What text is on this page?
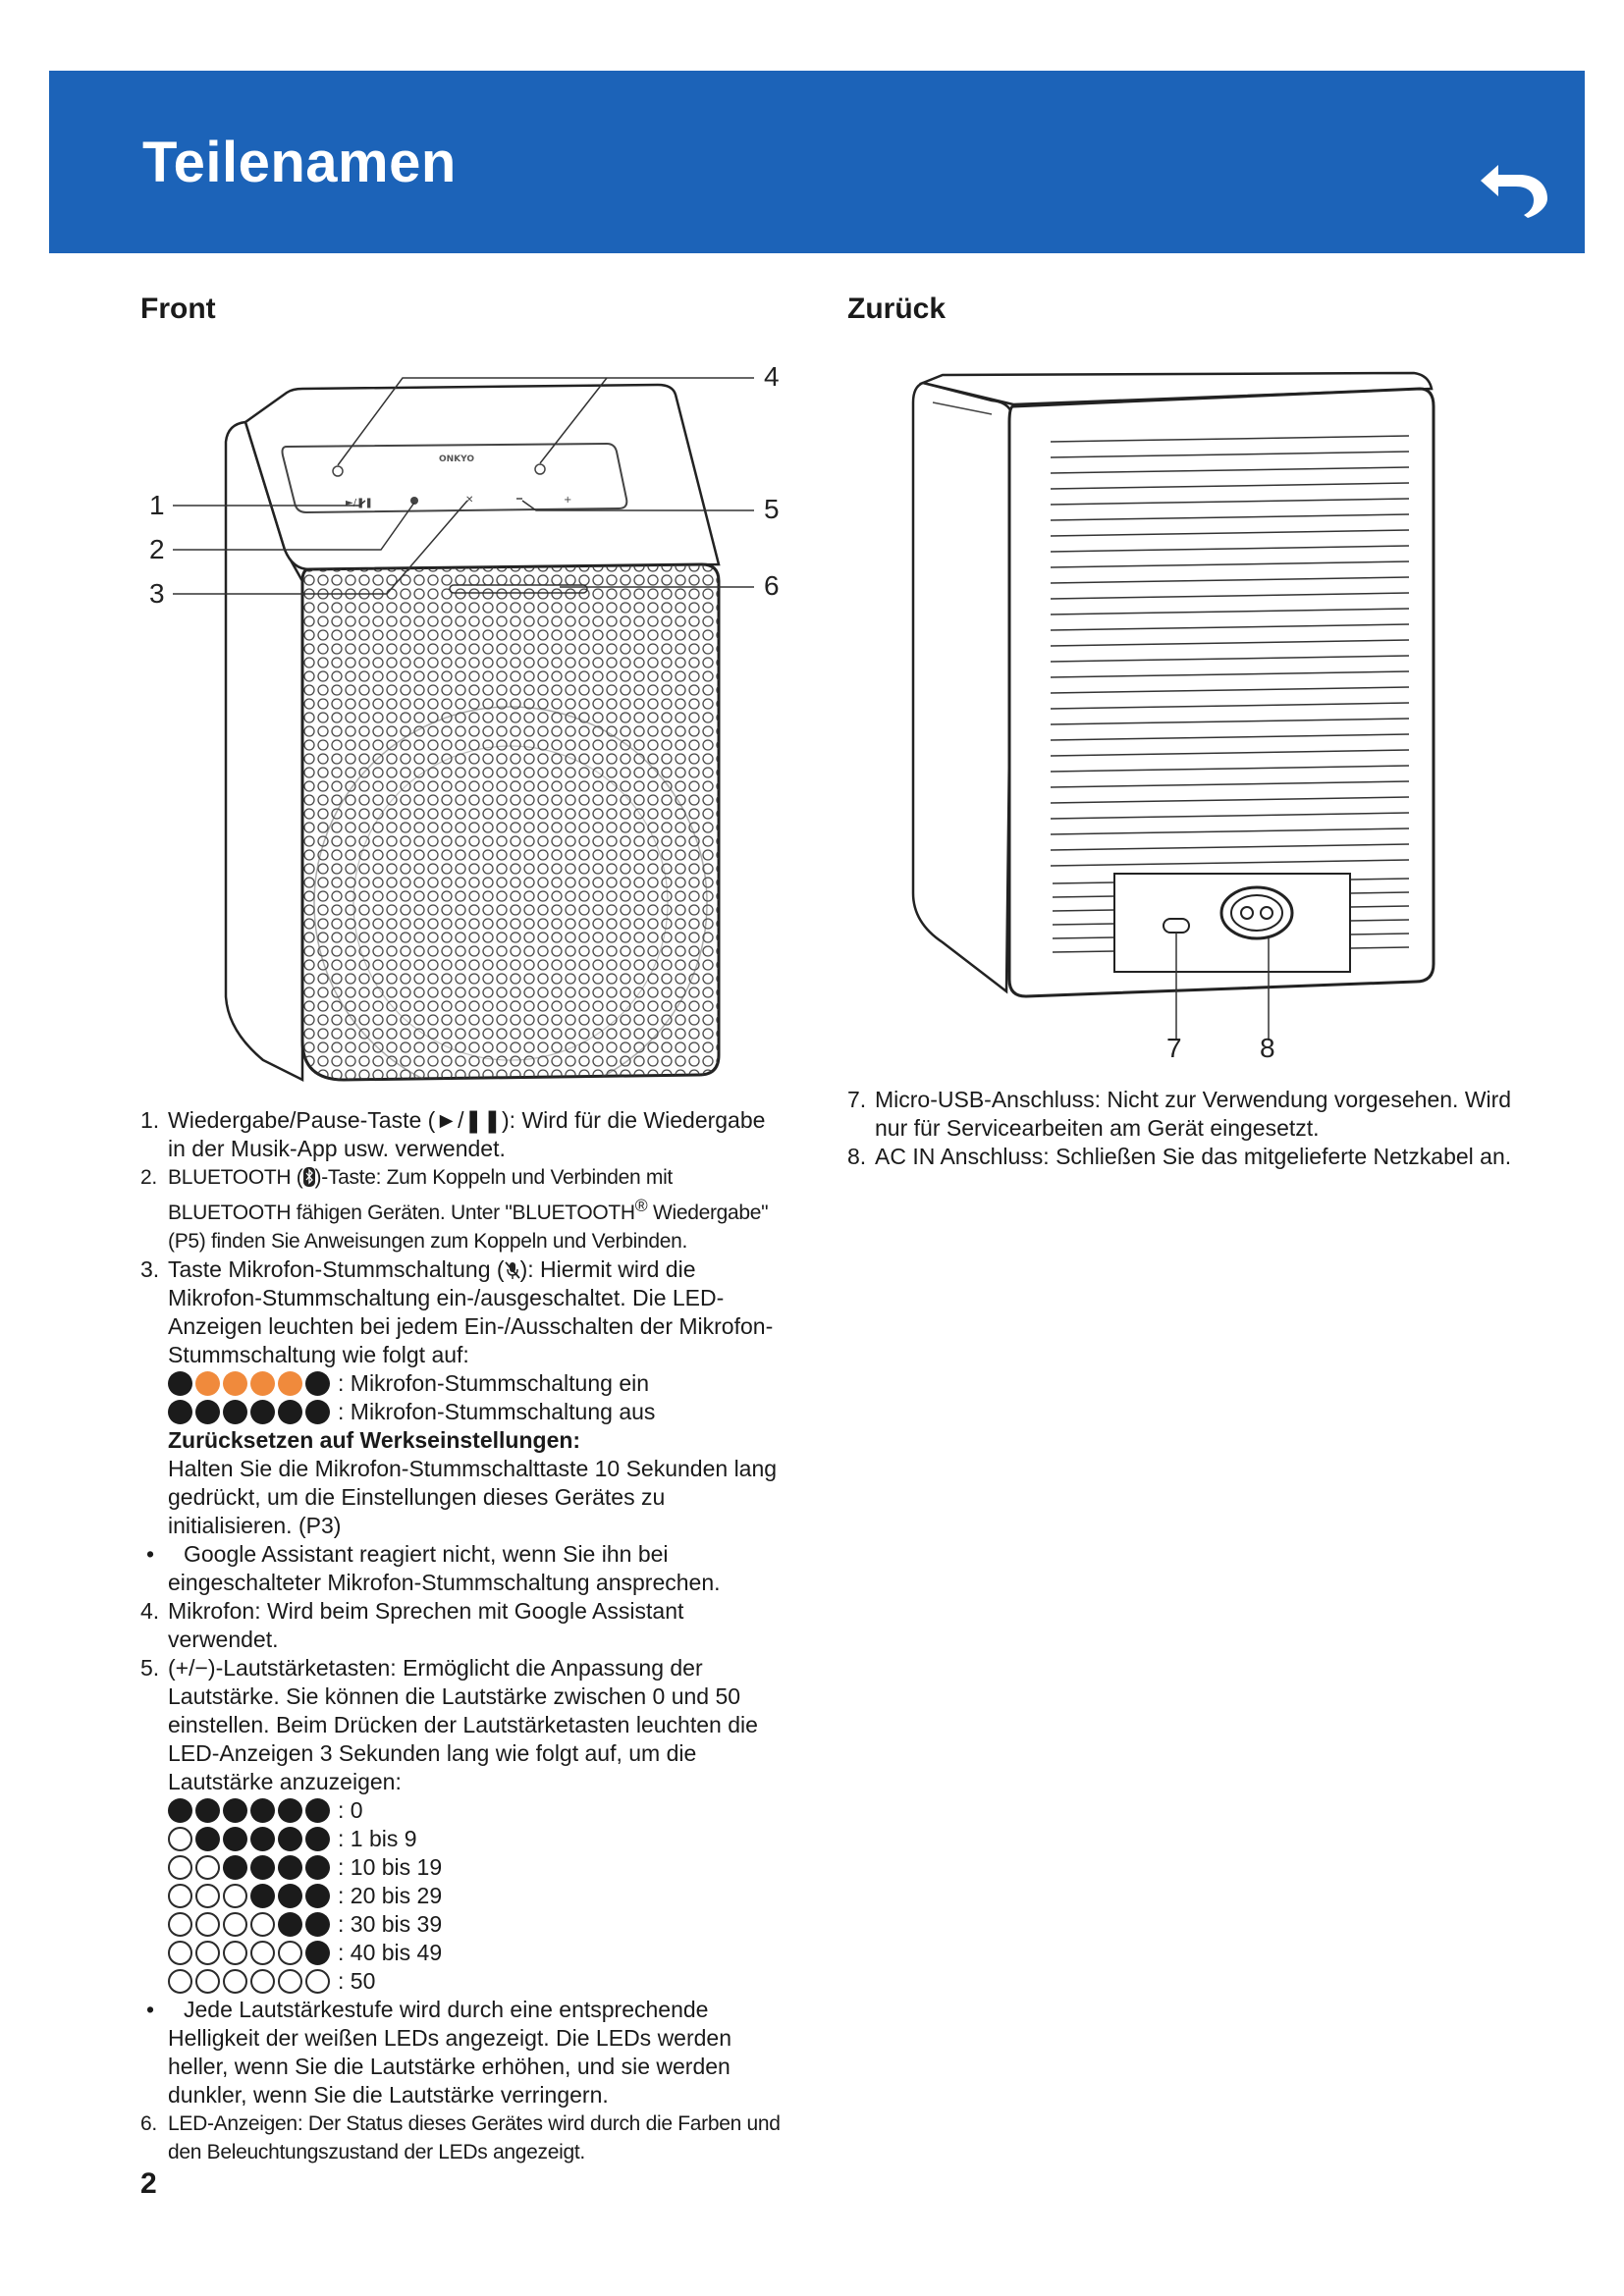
Teilenamen
Front	Zurück
ONKYO
►/❚❚	✕	+
1
2
3
4
5
6
7	8
1. Wiedergabe/Pause-Taste (►/❚❚): Wird für die Wiedergabe in der Musik-App usw. verwendet.
2. BLUETOOTH ( )-Taste: Zum Koppeln und Verbinden mit BLUETOOTH fähigen Geräten. Unter "BLUETOOTH® Wiedergabe" (P5) finden Sie Anweisungen zum Koppeln und Verbinden.
3. Taste Mikrofon-Stummschaltung ( ): Hiermit wird die Mikrofon-Stummschaltung ein-/ausgeschaltet. Die LED-Anzeigen leuchten bei jedem Ein-/Ausschalten der Mikrofon-Stummschaltung wie folgt auf:
: Mikrofon-Stummschaltung ein
: Mikrofon-Stummschaltung aus
Zurücksetzen auf Werkseinstellungen:
Halten Sie die Mikrofon-Stummschalttaste 10 Sekunden lang gedrückt, um die Einstellungen dieses Gerätes zu initialisieren. (P3)
• Google Assistant reagiert nicht, wenn Sie ihn bei eingeschalteter Mikrofon-Stummschaltung ansprechen.
4. Mikrofon: Wird beim Sprechen mit Google Assistant verwendet.
5. (+/−)-Lautstärketasten: Ermöglicht die Anpassung der Lautstärke. Sie können die Lautstärke zwischen 0 und 50 einstellen. Beim Drücken der Lautstärketasten leuchten die LED-Anzeigen 3 Sekunden lang wie folgt auf, um die Lautstärke anzuzeigen:
: 0
: 1 bis 9
: 10 bis 19
: 20 bis 29
: 30 bis 39
: 40 bis 49
: 50
• Jede Lautstärkestufe wird durch eine entsprechende Helligkeit der weißen LEDs angezeigt. Die LEDs werden heller, wenn Sie die Lautstärke erhöhen, und sie werden dunkler, wenn Sie die Lautstärke verringern.
6. LED-Anzeigen: Der Status dieses Gerätes wird durch die Farben und den Beleuchtungszustand der LEDs angezeigt.
7. Micro-USB-Anschluss: Nicht zur Verwendung vorgesehen. Wird nur für Servicearbeiten am Gerät eingesetzt.
8. AC IN Anschluss: Schließen Sie das mitgelieferte Netzkabel an.
2
